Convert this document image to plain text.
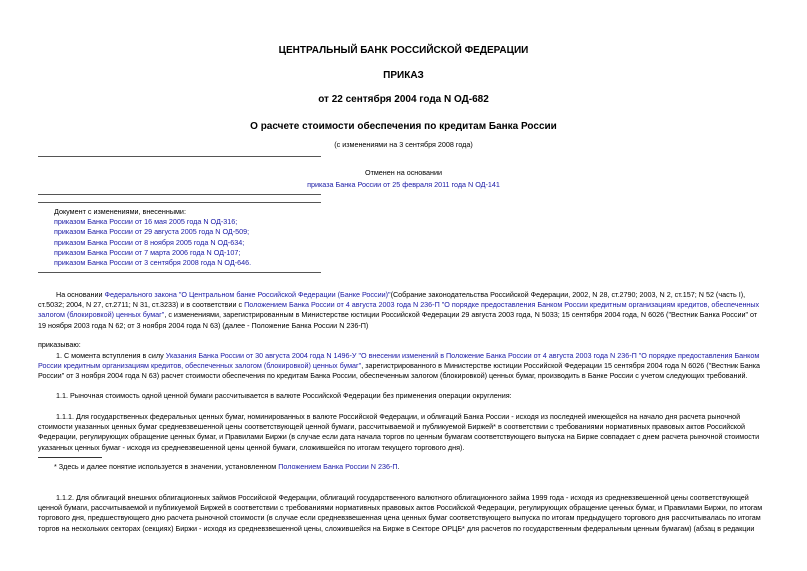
ЦЕНТРАЛЬНЫЙ БАНК РОССИЙСКОЙ ФЕДЕРАЦИИ
ПРИКАЗ
от 22 сентября 2004 года N ОД-682
О расчете стоимости обеспечения по кредитам Банка России
(с изменениями на 3 сентября 2008 года)
Отменен на основании
приказа Банка России от 25 февраля 2011 года N ОД-141

Документ с изменениями, внесенными:

приказом Банка России от 16 мая 2005 года N ОД-316;

приказом Банка России от 29 августа 2005 года N ОД-509;

приказом Банка России от 8 ноября 2005 года N ОД-634;

приказом Банка России от 7 марта 2006 года N ОД-107;

приказом Банка России от 3 сентября 2008 года N ОД-646.

На основании Федерального закона "О Центральном банке Российской Федерации (Банке России)"(Собрание законодательства Российской Федерации, 2002, N 28, ст.2790; 2003, N 2, ст.157; N 52 (часть I),

ст.5032; 2004, N 27, ст.2711; N 31, ст.3233) и в соответствии с Положением Банка России от 4 августа 2003 года N 236-П "О порядке предоставления Банком России кредитным организациям кредитов, обеспеченных

залогом (блокировкой) ценных бумаг", с изменениями, зарегистрированным в Министерстве юстиции Российской Федерации 29 августа 2003 года, N 5033; 15 сентября 2004 года, N 6026 ("Вестник Банка России" от

19 ноября 2003 года N 62; от 3 ноября 2004 года N 63) (далее - Положение Банка России N 236-П)

приказываю:

1. С момента вступления в силу Указания Банка России от 30 августа 2004 года N 1496-У "О внесении изменений в Положение Банка России от 4 августа 2003 года N 236-П "О порядке предоставления Банком

России кредитным организациям кредитов, обеспеченных залогом (блокировкой) ценных бумаг", зарегистрированного в Министерстве юстиции Российской Федерации 15 сентября 2004 года N 6026 ("Вестник Банка

России" от 3 ноября 2004 года N 63) расчет стоимости обеспечения по кредитам Банка России, обеспеченным залогом (блокировкой) ценных бумаг, производить в Банке России с учетом следующих требований.

1.1. Рыночная стоимость одной ценной бумаги рассчитывается в валюте Российской Федерации без применения операции округления:

1.1.1. Для государственных федеральных ценных бумаг, номинированных в валюте Российской Федерации, и облигаций Банка России - исходя из последней имеющейся на начало дня расчета рыночной

стоимости указанных ценных бумаг средневзвешенной цены соответствующей ценной бумаги, рассчитываемой и публикуемой Биржей* в соответствии с требованиями нормативных правовых актов Российской

Федерации, регулирующих обращение ценных бумаг, и Правилами Биржи (в случае если дата начала торгов по ценным бумагам соответствующего выпуска на Бирже совпадает с днем расчета рыночной стоимости

указанных ценных бумаг - исходя из средневзвешенной цены ценной бумаги, сложившейся по итогам текущего торгового дня).

* Здесь и далее понятие используется в значении, установленном Положением Банка России N 236-П.

1.1.2. Для облигаций внешних облигационных займов Российской Федерации, облигаций государственного валютного облигационного займа 1999 года - исходя из средневзвешенной цены соответствующей

ценной бумаги, рассчитываемой и публикуемой Биржей в соответствии с требованиями нормативных правовых актов Российской Федерации, регулирующих обращение ценных бумаг, и Правилами Биржи, по итогам

торгового дня, предшествующего дню расчета рыночной стоимости (в случае если средневзвешенная цена ценных бумаг соответствующего выпуска по итогам предыдущего торгового дня рассчитывалась по итогам

торгов на нескольких секторах (секциях) Биржи - исходя из средневзвешенной цены, сложившейся на Бирже в Секторе ОРЦБ* для расчетов по государственным федеральным ценным бумагам) (абзац в редакции
